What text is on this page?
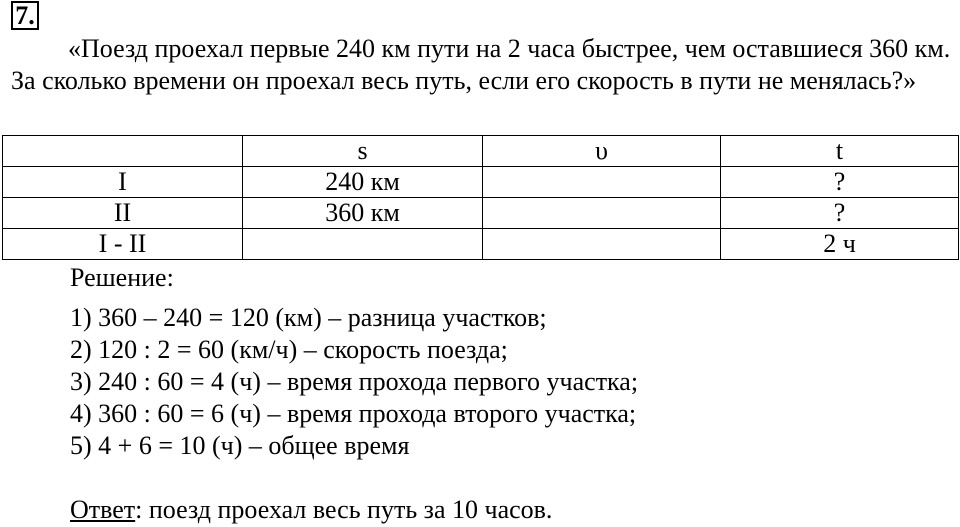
7.

«Поезд проехал первые 240 км пути на 2 часа быстрее, чем оставшиеся 360 км. За сколько времени он проехал весь путь, если его скорость в пути не менялась?»

	s	υ	t
I	240 км		?
II	360 км		?
I - II			2 ч
Решение:
1) 360 – 240 = 120 (км) – разница участков;
2) 120 : 2 = 60 (км/ч) – скорость поезда;
3) 240 : 60 = 4 (ч) – время прохода первого участка;
4) 360 : 60 = 6 (ч) – время прохода второго участка;
5) 4 + 6 = 10 (ч) – общее время
Ответ: поезд проехал весь путь за 10 часов.
